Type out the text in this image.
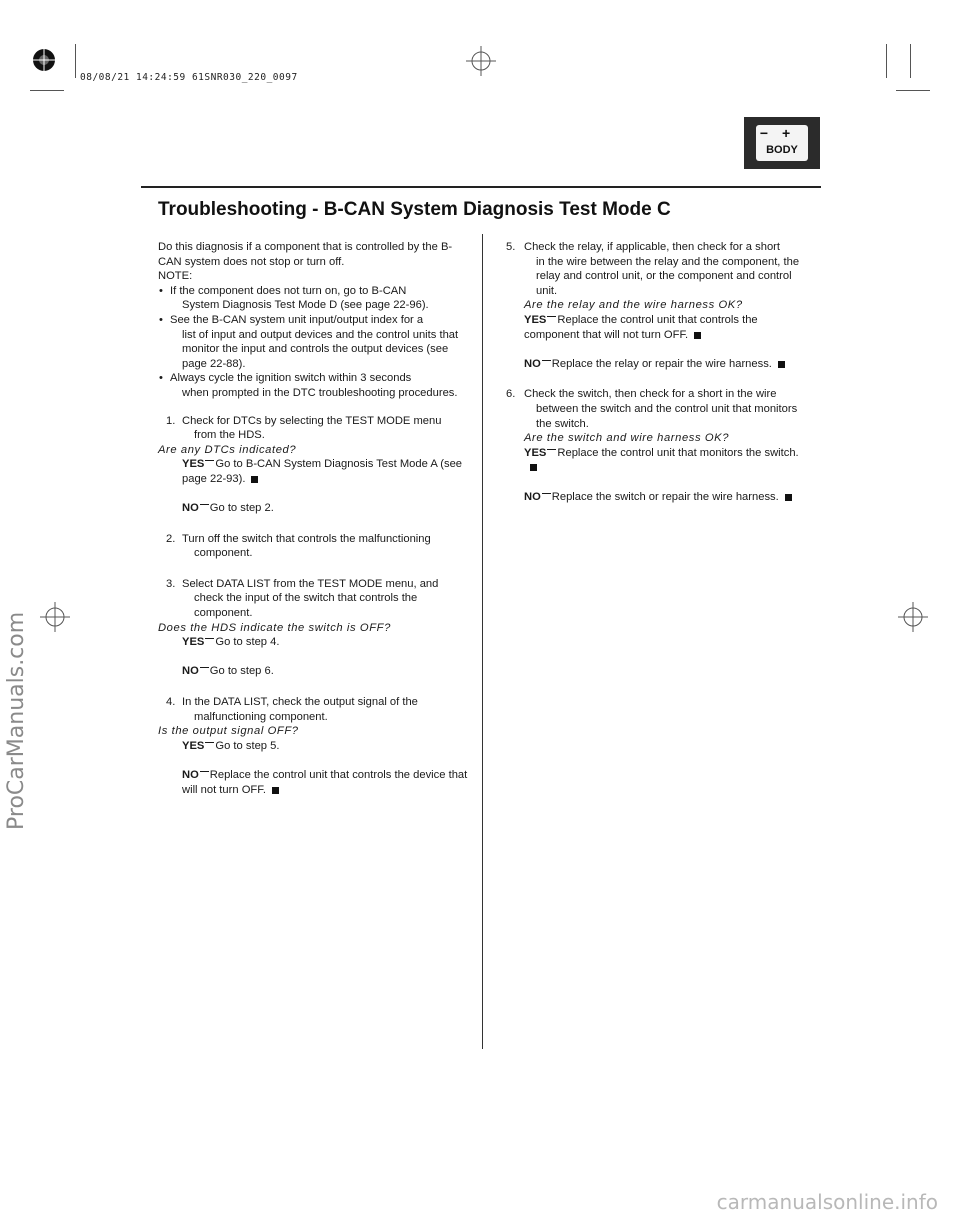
08/08/21 14:24:59 61SNR030_220_0097
ProCarManuals.com
carmanualsonline.info
−+
BODY
Troubleshooting - B-CAN System Diagnosis Test Mode C

Do this diagnosis if a component that is controlled by the B-CAN system does not stop or turn off.

NOTE:

• If the component does not turn on, go to B-CAN
System Diagnosis Test Mode D (see page 22-96).
• See the B-CAN system unit input/output index for a
list of input and output devices and the control units that monitor the input and controls the output devices (see page 22-88).
• Always cycle the ignition switch within 3 seconds
when prompted in the DTC troubleshooting procedures.
1. Check for DTCs by selecting the TEST MODE menu
from the HDS.

Are any DTCs indicated?

YES Go to B-CAN System Diagnosis Test Mode A (see page 22-93).
NO Go to step 2.
2. Turn off the switch that controls the malfunctioning
component.
3. Select DATA LIST from the TEST MODE menu, and
check the input of the switch that controls the component.

Does the HDS indicate the switch is OFF?

YES Go to step 4.
NO Go to step 6.
4. In the DATA LIST, check the output signal of the
malfunctioning component.

Is the output signal OFF?

YES Go to step 5.
NO Replace the control unit that controls the device that will not turn OFF.
5. Check the relay, if applicable, then check for a short
in the wire between the relay and the component, the relay and control unit, or the component and control unit.

Are the relay and the wire harness OK?

YES Replace the control unit that controls the component that will not turn OFF.
NO Replace the relay or repair the wire harness.
6. Check the switch, then check for a short in the wire
between the switch and the control unit that monitors the switch.

Are the switch and wire harness OK?

YES Replace the control unit that monitors the switch.
NO Replace the switch or repair the wire harness.
